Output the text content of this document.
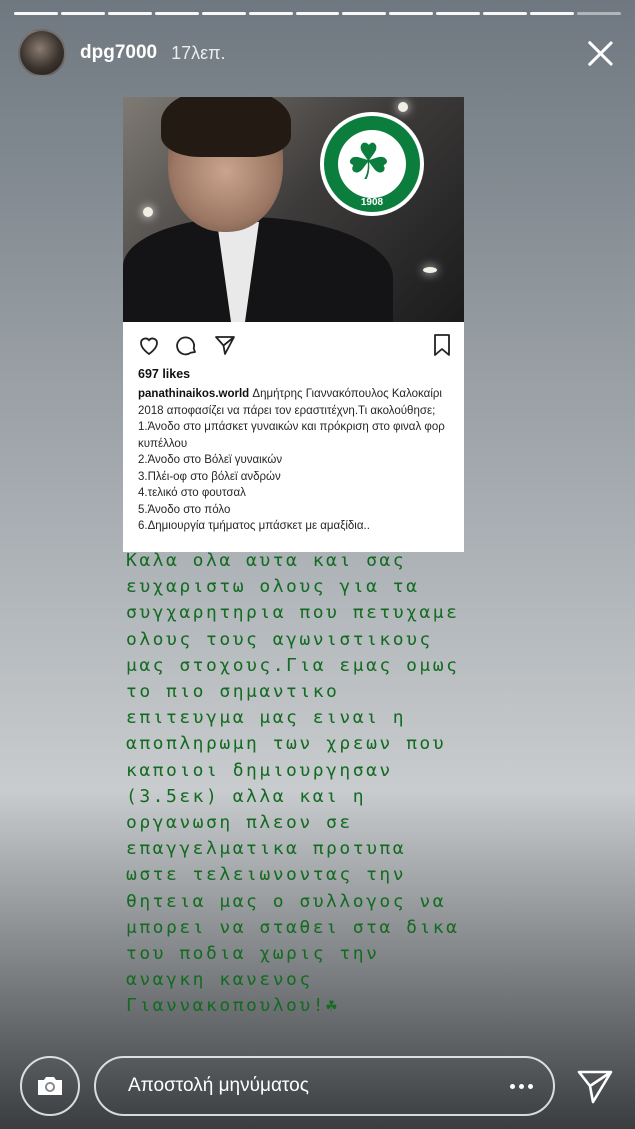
dpg7000 17λεπ.
☘
1908
697 likes
panathinaikos.world Δημήτρης Γιαννακόπουλος Καλοκαίρι 2018 αποφασίζει να πάρει τον εραστιτέχνη.Τι ακολούθησε;
1.Άνοδο στο μπάσκετ γυναικών και πρόκριση στο φιναλ φορ κυπέλλου
2.Άνοδο στο Βόλεϊ γυναικών
3.Πλέι-οφ στο βόλεϊ ανδρών
4.τελικό στο φουτσαλ
5.Άνοδο στο πόλο
6.Δημιουργία τμήματος μπάσκετ με αμαξίδια..
Καλα ολα αυτα και σας
ευχαριστω ολους για τα
συγχαρητηρια που πετυχαμε
ολους τους αγωνιστικους
μας στοχους.Για εμας ομως
το πιο σημαντικο
επιτευγμα μας ειναι η
αποπληρωμη των χρεων που
καποιοι δημιουργησαν
(3.5εκ) αλλα και η
οργανωση πλεον σε
επαγγελματικα προτυπα
ωστε τελειωνοντας την
θητεια μας ο συλλογος να
μπορει να σταθει στα δικα
του ποδια χωρις την
αναγκη κανενος
Γιαννακοπουλου!☘
Αποστολή μηνύματος
